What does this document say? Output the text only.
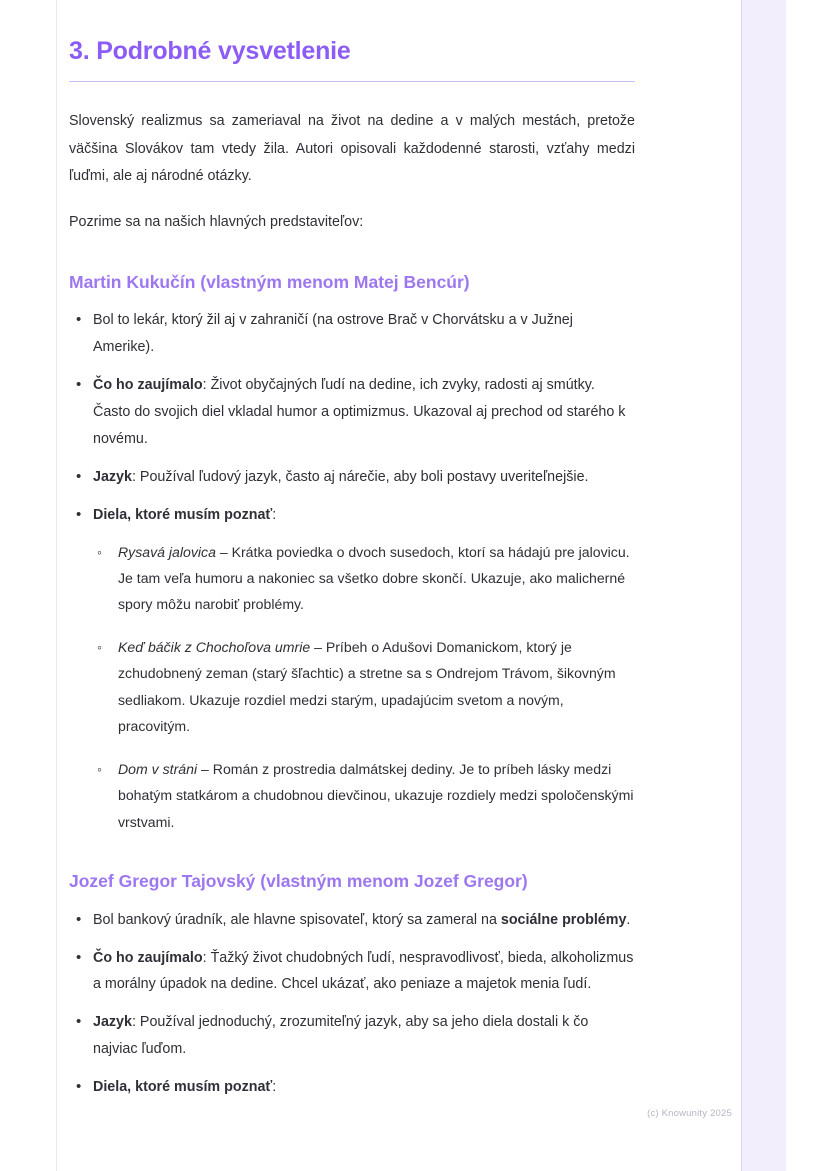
3. Podrobné vysvetlenie

Slovenský realizmus sa zameriaval na život na dedine a v malých mestách, pretože väčšina Slovákov tam vtedy žila. Autori opisovali každodenné starosti, vzťahy medzi ľuďmi, ale aj národné otázky.

Pozrime sa na našich hlavných predstaviteľov:

Martin Kukučín (vlastným menom Matej Bencúr)
• Bol to lekár, ktorý žil aj v zahraničí (na ostrove Brač v Chorvátsku a v Južnej Amerike).
• Čo ho zaujímalo: Život obyčajných ľudí na dedine, ich zvyky, radosti aj smútky. Často do svojich diel vkladal humor a optimizmus. Ukazoval aj prechod od starého k novému.
• Jazyk: Používal ľudový jazyk, často aj nárečie, aby boli postavy uveriteľnejšie.
• Diela, ktoré musím poznať:
◦ Rysavá jalovica – Krátka poviedka o dvoch susedoch, ktorí sa hádajú pre jalovicu. Je tam veľa humoru a nakoniec sa všetko dobre skončí. Ukazuje, ako malicherné spory môžu narobiť problémy.
◦ Keď báčik z Chochoľova umrie – Príbeh o Adušovi Domanickom, ktorý je zchudobnený zeman (starý šľachtic) a stretne sa s Ondrejom Trávom, šikovným sedliakom. Ukazuje rozdiel medzi starým, upadajúcim svetom a novým, pracovitým.
◦ Dom v stráni – Román z prostredia dalmátskej dediny. Je to príbeh lásky medzi bohatým statkárom a chudobnou dievčinou, ukazuje rozdiely medzi spoločenskými vrstvami.
Jozef Gregor Tajovský (vlastným menom Jozef Gregor)
• Bol bankový úradník, ale hlavne spisovateľ, ktorý sa zameral na sociálne problémy.
• Čo ho zaujímalo: Ťažký život chudobných ľudí, nespravodlivosť, bieda, alkoholizmus a morálny úpadok na dedine. Chcel ukázať, ako peniaze a majetok menia ľudí.
• Jazyk: Používal jednoduchý, zrozumiteľný jazyk, aby sa jeho diela dostali k čo najviac ľuďom.
• Diela, ktoré musím poznať:
(c) Knowunity 2025
